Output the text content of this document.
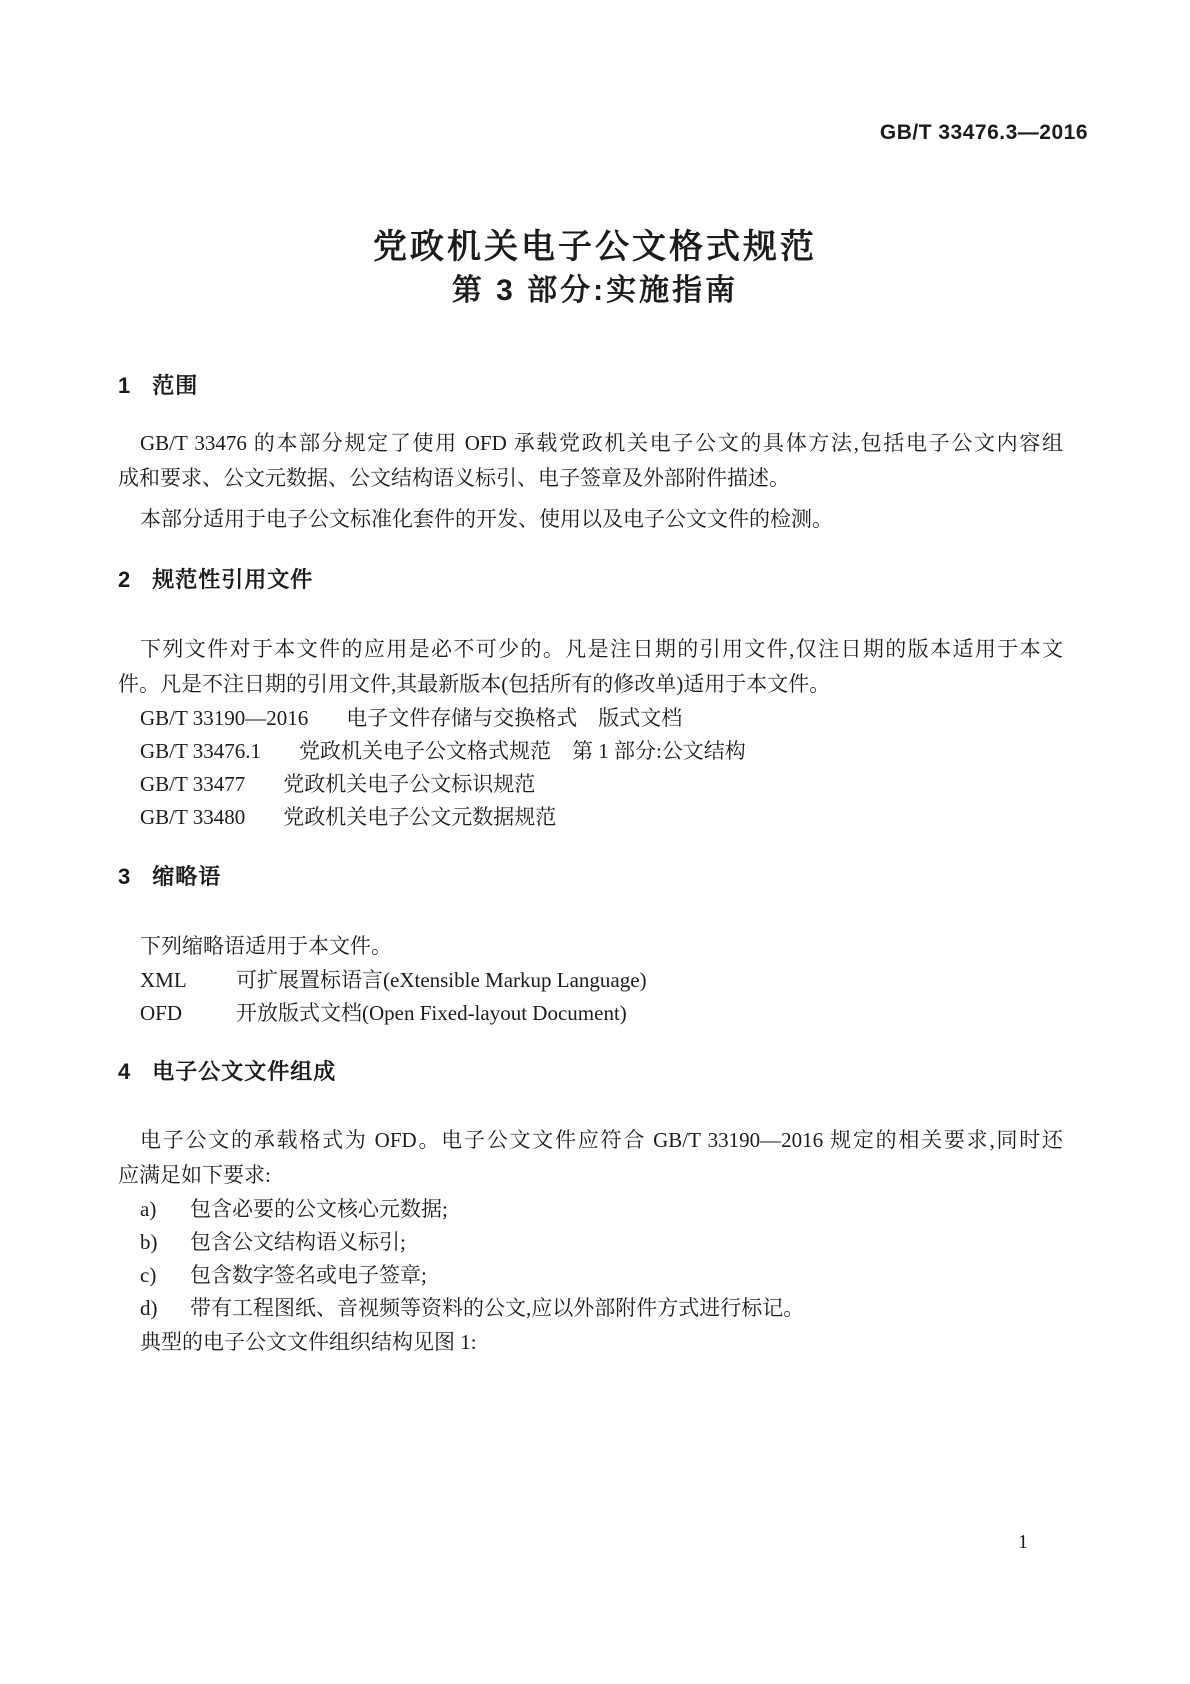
GB/T 33476.3—2016
党政机关电子公文格式规范
第 3 部分:实施指南
1 范围
GB/T 33476 的本部分规定了使用 OFD 承载党政机关电子公文的具体方法,包括电子公文内容组
成和要求、公文元数据、公文结构语义标引、电子签章及外部附件描述。
本部分适用于电子公文标准化套件的开发、使用以及电子公文文件的检测。
2 规范性引用文件
下列文件对于本文件的应用是必不可少的。凡是注日期的引用文件,仅注日期的版本适用于本文
件。凡是不注日期的引用文件,其最新版本(包括所有的修改单)适用于本文件。
GB/T 33190—2016 电子文件存储与交换格式　版式文档
GB/T 33476.1 党政机关电子公文格式规范　第 1 部分:公文结构
GB/T 33477 党政机关电子公文标识规范
GB/T 33480 党政机关电子公文元数据规范
3 缩略语
下列缩略语适用于本文件。
XML 可扩展置标语言(eXtensible Markup Language)
OFD	开放版式文档(Open Fixed-layout Document)
4 电子公文文件组成
电子公文的承载格式为 OFD。电子公文文件应符合 GB/T 33190—2016 规定的相关要求,同时还
应满足如下要求:
a) 包含必要的公文核心元数据;
b) 包含公文结构语义标引;
c) 包含数字签名或电子签章;
d) 带有工程图纸、音视频等资料的公文,应以外部附件方式进行标记。
典型的电子公文文件组织结构见图 1:
1
